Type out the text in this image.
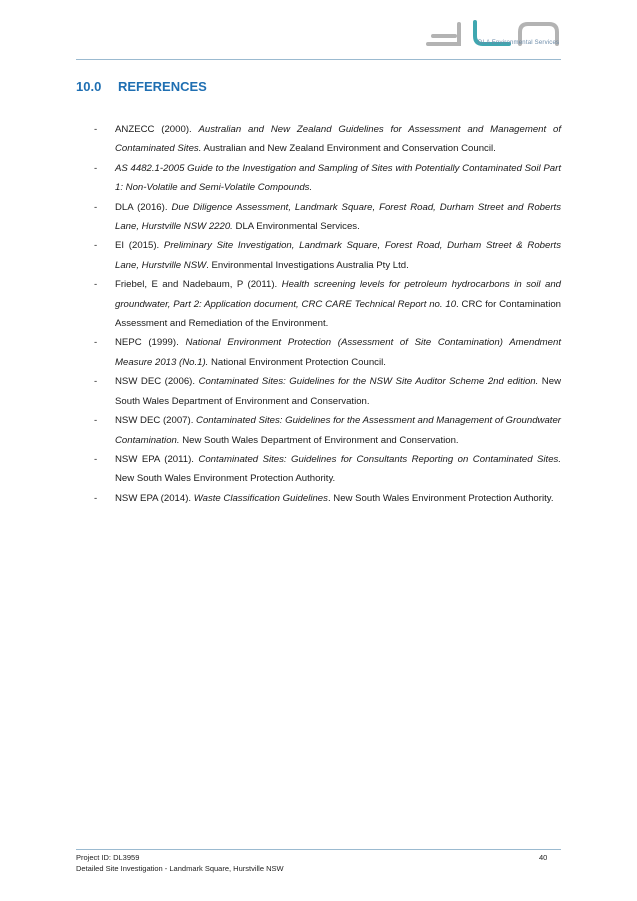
DLA Environmental Services
10.0 REFERENCES
- ANZECC (2000). Australian and New Zealand Guidelines for Assessment and Management of Contaminated Sites. Australian and New Zealand Environment and Conservation Council.
- AS 4482.1-2005 Guide to the Investigation and Sampling of Sites with Potentially Contaminated Soil Part 1: Non-Volatile and Semi-Volatile Compounds.
- DLA (2016). Due Diligence Assessment, Landmark Square, Forest Road, Durham Street and Roberts Lane, Hurstville NSW 2220. DLA Environmental Services.
- EI (2015). Preliminary Site Investigation, Landmark Square, Forest Road, Durham Street & Roberts Lane, Hurstville NSW. Environmental Investigations Australia Pty Ltd.
- Friebel, E and Nadebaum, P (2011). Health screening levels for petroleum hydrocarbons in soil and groundwater, Part 2: Application document, CRC CARE Technical Report no. 10. CRC for Contamination Assessment and Remediation of the Environment.
- NEPC (1999). National Environment Protection (Assessment of Site Contamination) Amendment Measure 2013 (No.1). National Environment Protection Council.
- NSW DEC (2006). Contaminated Sites: Guidelines for the NSW Site Auditor Scheme 2nd edition. New South Wales Department of Environment and Conservation.
- NSW DEC (2007). Contaminated Sites: Guidelines for the Assessment and Management of Groundwater Contamination. New South Wales Department of Environment and Conservation.
- NSW EPA (2011). Contaminated Sites: Guidelines for Consultants Reporting on Contaminated Sites. New South Wales Environment Protection Authority.
- NSW EPA (2014). Waste Classification Guidelines. New South Wales Environment Protection Authority.
Project ID: DL3959
Detailed Site Investigation - Landmark Square, Hurstville NSW
40
